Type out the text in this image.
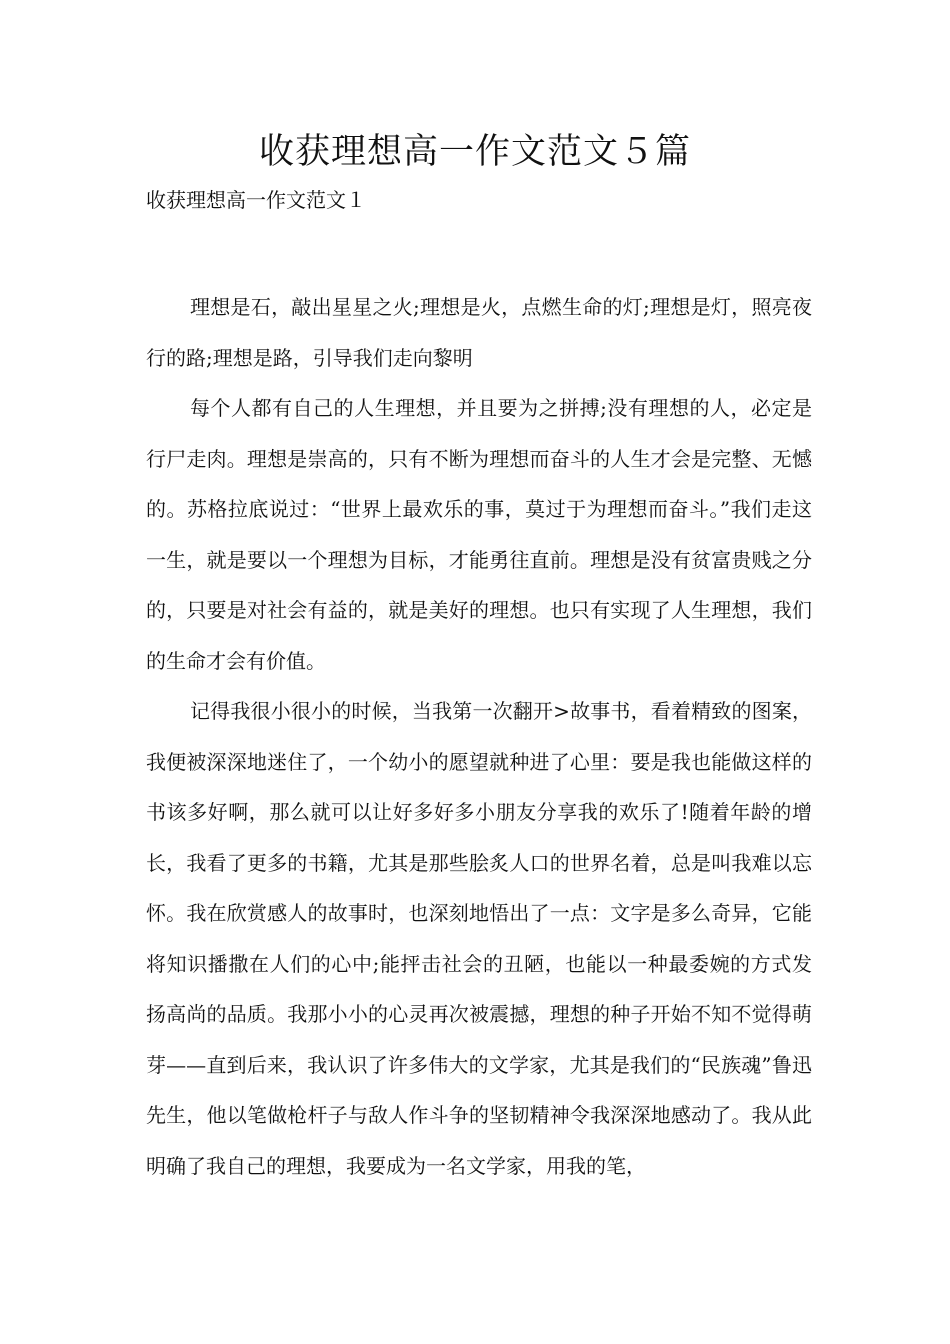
收获理想高一作文范文５篇

收获理想高一作文范文１

理想是石，敲出星星之火;理想是火，点燃生命的灯;理想是灯，照亮夜行的路;理想是路，引导我们走向黎明

每个人都有自己的人生理想，并且要为之拼搏;没有理想的人，必定是行尸走肉。理想是崇高的，只有不断为理想而奋斗的人生才会是完整、无憾的。苏格拉底说过：“世界上最欢乐的事，莫过于为理想而奋斗。”我们走这一生，就是要以一个理想为目标，才能勇往直前。理想是没有贫富贵贱之分的，只要是对社会有益的，就是美好的理想。也只有实现了人生理想，我们的生命才会有价值。

记得我很小很小的时候，当我第一次翻开>故事书，看着精致的图案，我便被深深地迷住了，一个幼小的愿望就种进了心里：要是我也能做这样的书该多好啊，那么就可以让好多好多小朋友分享我的欢乐了!随着年龄的增长，我看了更多的书籍，尤其是那些脍炙人口的世界名着，总是叫我难以忘怀。我在欣赏感人的故事时，也深刻地悟出了一点：文字是多么奇异，它能将知识播撒在人们的心中;能抨击社会的丑陋，也能以一种最委婉的方式发扬高尚的品质。我那小小的心灵再次被震撼，理想的种子开始不知不觉得萌芽——直到后来，我认识了许多伟大的文学家，尤其是我们的“民族魂”鲁迅先生，他以笔做枪杆子与敌人作斗争的坚韧精神令我深深地感动了。我从此明确了我自己的理想，我要成为一名文学家，用我的笔，
